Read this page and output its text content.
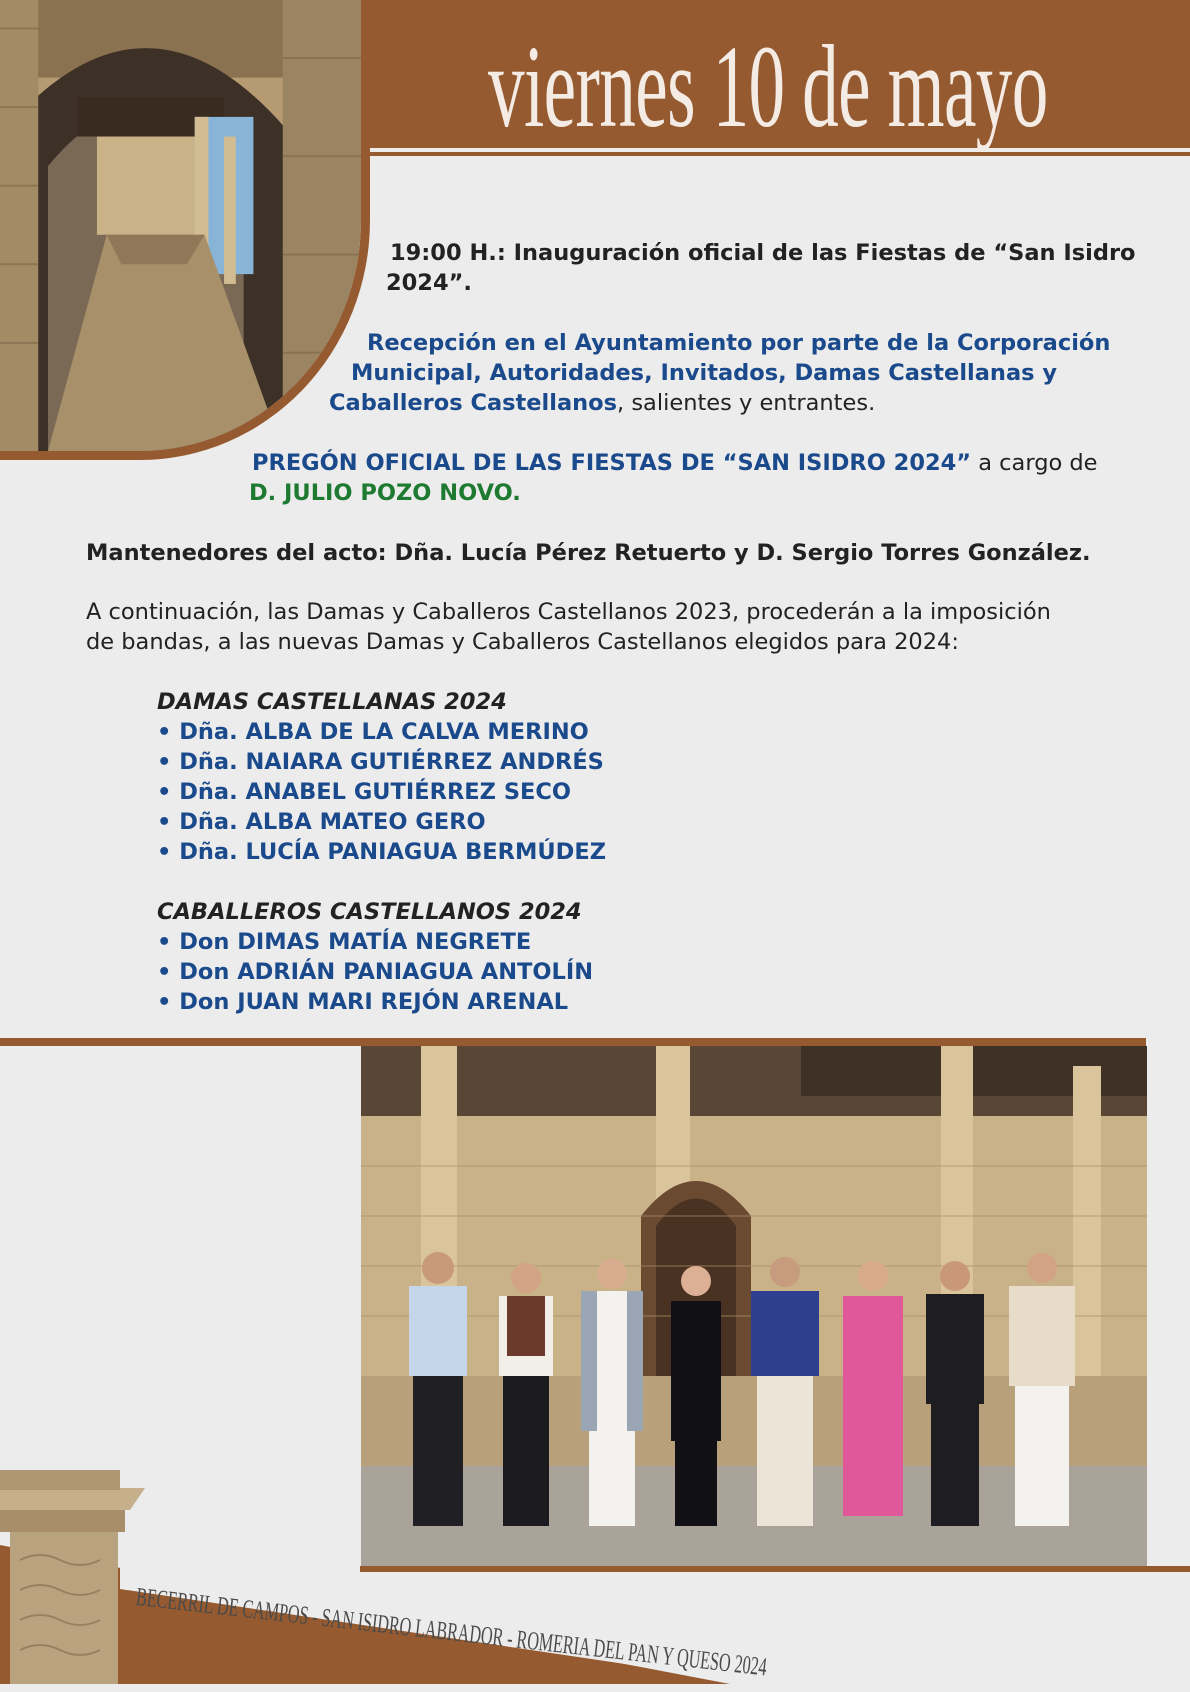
viernes 10 de mayo
19:00 H.: Inauguración oficial de las Fiestas de “San Isidro
2024”.
Recepción en el Ayuntamiento por parte de la Corporación
Municipal, Autoridades, Invitados, Damas Castellanas y
Caballeros Castellanos, salientes y entrantes.
PREGÓN OFICIAL DE LAS FIESTAS DE “SAN ISIDRO 2024” a cargo de
D. JULIO POZO NOVO.
Mantenedores del acto: Dña. Lucía Pérez Retuerto y D. Sergio Torres González.
A continuación, las Damas y Caballeros Castellanos 2023, procederán a la imposición
de bandas, a las nuevas Damas y Caballeros Castellanos elegidos para 2024:
DAMAS CASTELLANAS 2024
• Dña. ALBA DE LA CALVA MERINO
• Dña. NAIARA GUTIÉRREZ ANDRÉS
• Dña. ANABEL GUTIÉRREZ SECO
• Dña. ALBA MATEO GERO
• Dña. LUCÍA PANIAGUA BERMÚDEZ
CABALLEROS CASTELLANOS 2024
• Don DIMAS MATÍA NEGRETE
• Don ADRIÁN PANIAGUA ANTOLÍN
• Don JUAN MARI REJÓN ARENAL
BECERRIL DE CAMPOS - SAN ISIDRO LABRADOR - ROMERIA DEL PAN Y QUESO 2024
